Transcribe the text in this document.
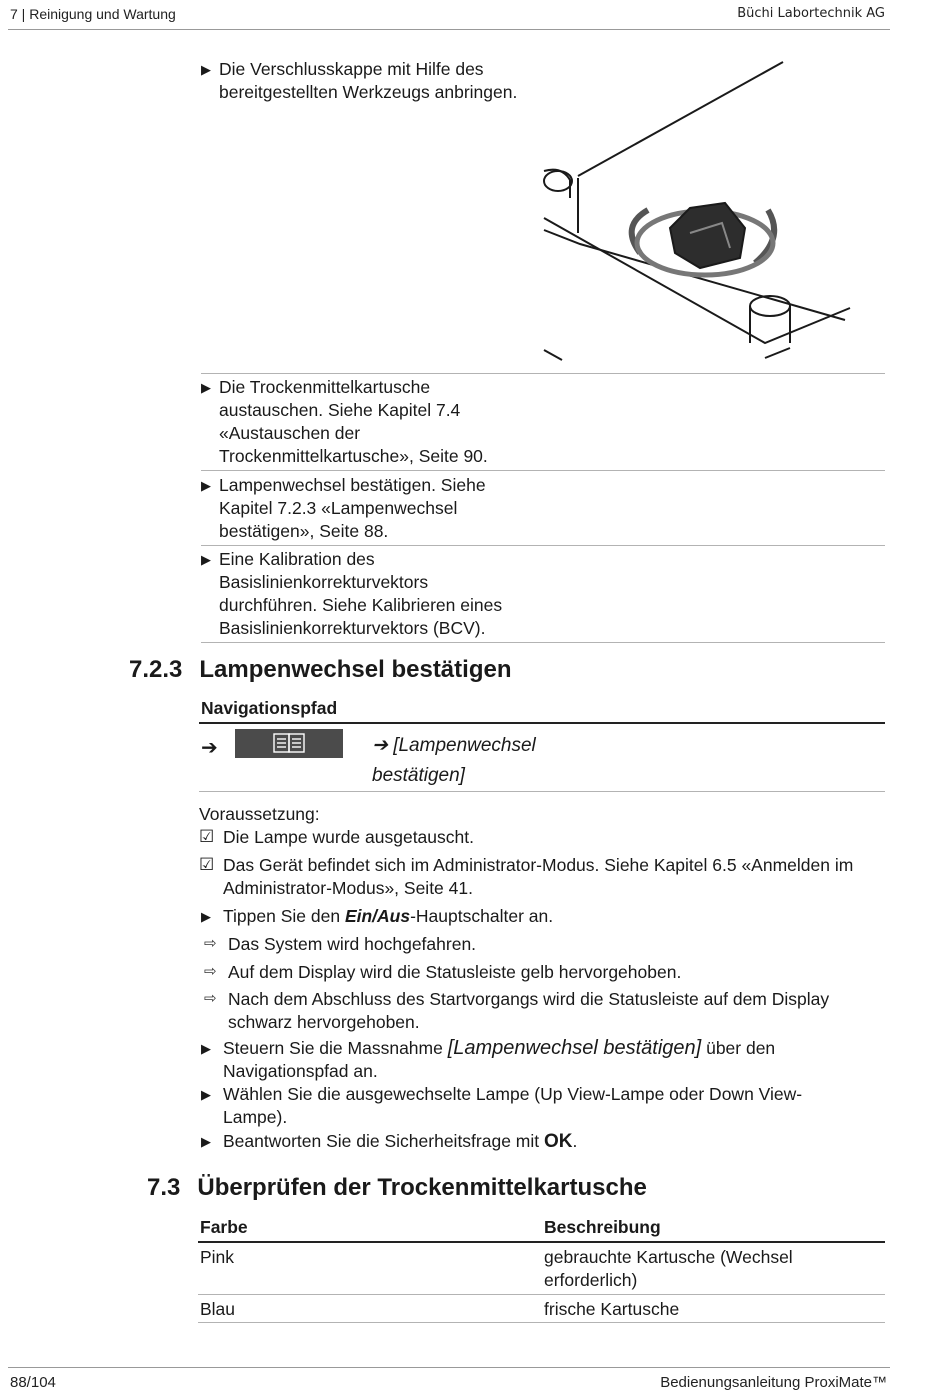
7 | Reinigung und Wartung	Büchi Labortechnik AG
▶ Die Verschlusskappe mit Hilfe des
bereitgestellten Werkzeugs anbringen.
▶ Die Trockenmittelkartusche
austauschen. Siehe Kapitel 7.4
«Austauschen der
Trockenmittelkartusche», Seite 90.
▶ Lampenwechsel bestätigen. Siehe
Kapitel 7.2.3 «Lampenwechsel
bestätigen», Seite 88.
▶ Eine Kalibration des
Basislinienkorrekturvektors
durchführen. Siehe Kalibrieren eines
Basislinienkorrekturvektors (BCV).
7.2.3 Lampenwechsel bestätigen
Navigationspfad
➔	➔ [Lampenwechsel
bestätigen]
Voraussetzung:
☑ Die Lampe wurde ausgetauscht.
☑ Das Gerät befindet sich im Administrator-Modus. Siehe Kapitel 6.5 «Anmelden im
Administrator-Modus», Seite 41.
▶ Tippen Sie den Ein/Aus-Hauptschalter an.
⇨ Das System wird hochgefahren.
⇨ Auf dem Display wird die Statusleiste gelb hervorgehoben.
⇨ Nach dem Abschluss des Startvorgangs wird die Statusleiste auf dem Display
schwarz hervorgehoben.
▶ Steuern Sie die Massnahme [Lampenwechsel bestätigen] über den
Navigationspfad an.
▶ Wählen Sie die ausgewechselte Lampe (Up View-Lampe oder Down View-
Lampe).
▶ Beantworten Sie die Sicherheitsfrage mit OK.
7.3 Überprüfen der Trockenmittelkartusche
Farbe	Beschreibung
Pink	gebrauchte Kartusche (Wechsel
erforderlich)
Blau	frische Kartusche
88/104	Bedienungsanleitung ProxiMate™
